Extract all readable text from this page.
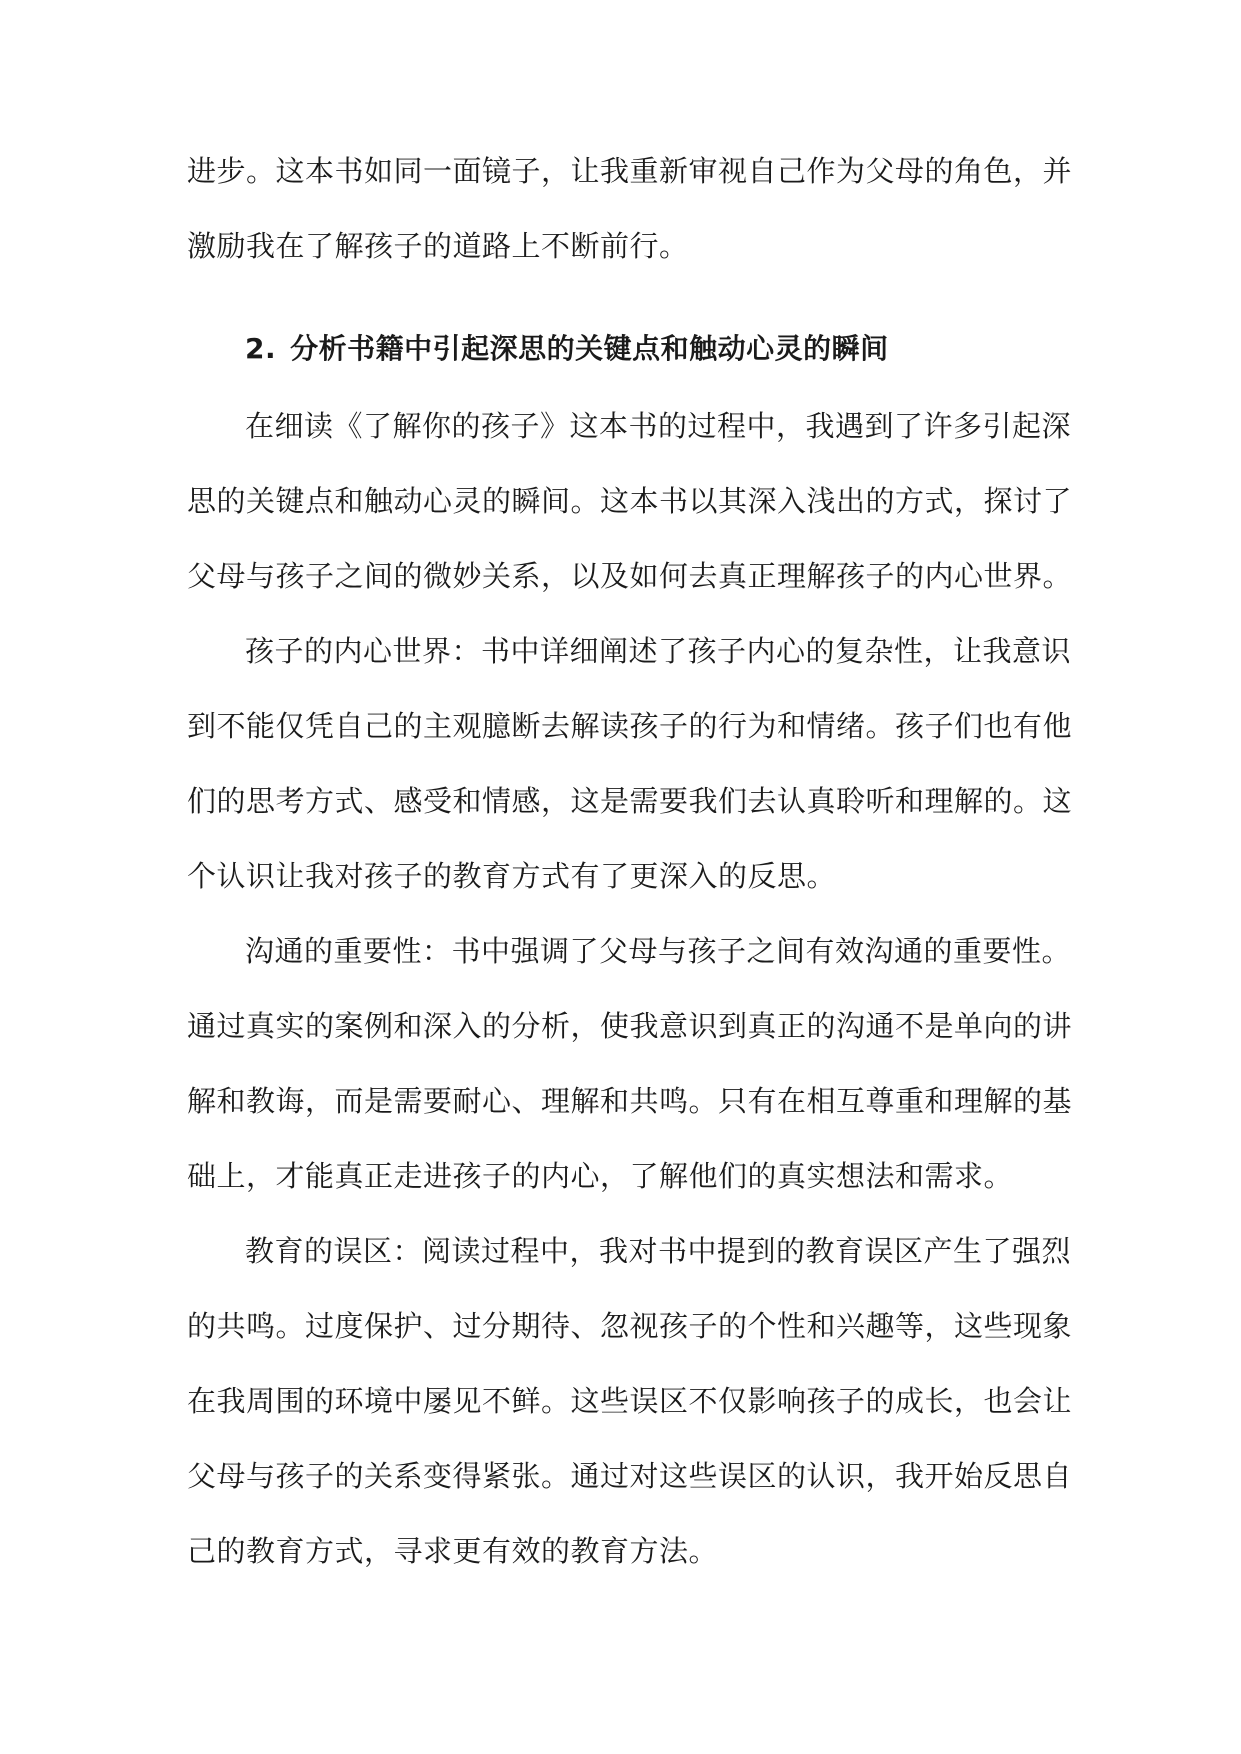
进步。这本书如同一面镜子，让我重新审视自己作为父母的角色，并
激励我在了解孩子的道路上不断前行。
2. 分析书籍中引起深思的关键点和触动心灵的瞬间
在细读《了解你的孩子》这本书的过程中，我遇到了许多引起深
思的关键点和触动心灵的瞬间。这本书以其深入浅出的方式，探讨了
父母与孩子之间的微妙关系，以及如何去真正理解孩子的内心世界。
孩子的内心世界：书中详细阐述了孩子内心的复杂性，让我意识
到不能仅凭自己的主观臆断去解读孩子的行为和情绪。孩子们也有他
们的思考方式、感受和情感，这是需要我们去认真聆听和理解的。这
个认识让我对孩子的教育方式有了更深入的反思。
沟通的重要性：书中强调了父母与孩子之间有效沟通的重要性。
通过真实的案例和深入的分析，使我意识到真正的沟通不是单向的讲
解和教诲，而是需要耐心、理解和共鸣。只有在相互尊重和理解的基
础上，才能真正走进孩子的内心，了解他们的真实想法和需求。
教育的误区：阅读过程中，我对书中提到的教育误区产生了强烈
的共鸣。过度保护、过分期待、忽视孩子的个性和兴趣等，这些现象
在我周围的环境中屡见不鲜。这些误区不仅影响孩子的成长，也会让
父母与孩子的关系变得紧张。通过对这些误区的认识，我开始反思自
己的教育方式，寻求更有效的教育方法。
